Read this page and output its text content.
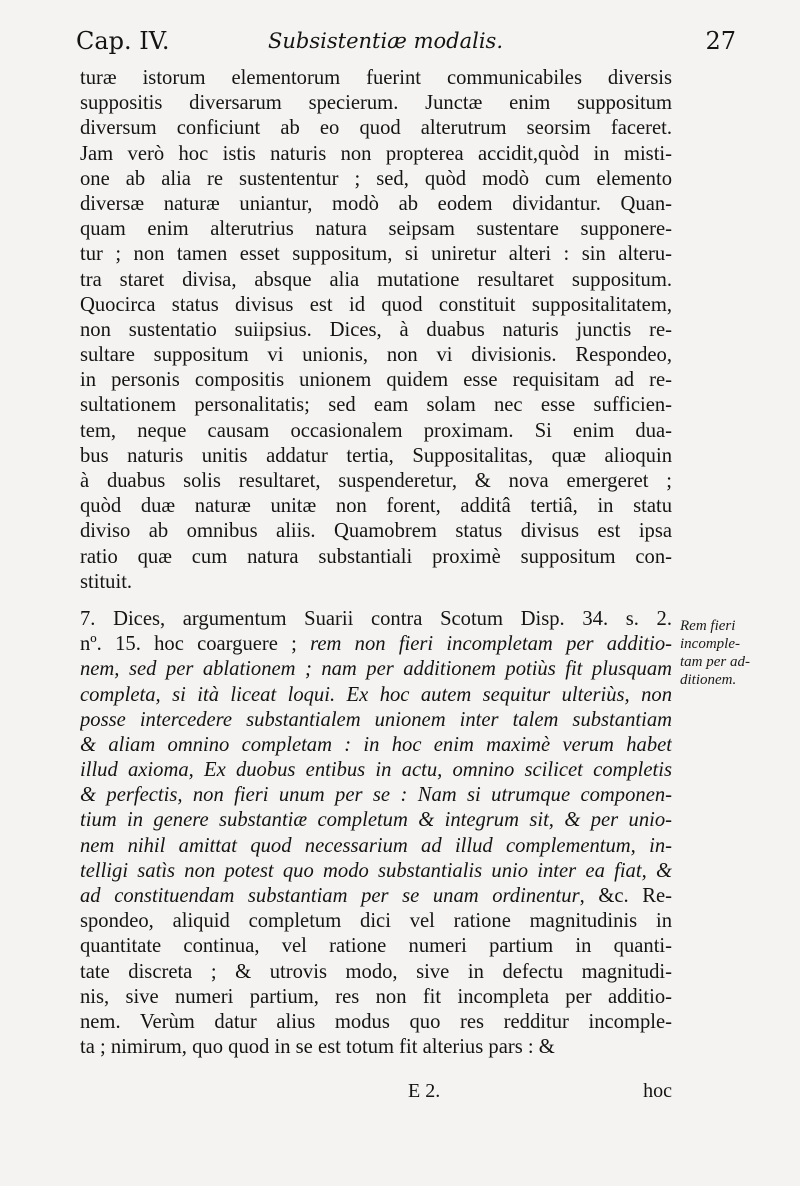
Cap. IV.	Subsistentiæ modalis.	27
turæ istorum elementorum fuerint communicabiles diversis
suppositis diversarum specierum. Junctæ enim suppositum
diversum conficiunt ab eo quod alterutrum seorsim faceret.
Jam verò hoc istis naturis non propterea accidit,quòd in misti-
one ab alia re sustententur ; sed, quòd modò cum elemento
diversæ naturæ uniantur, modò ab eodem dividantur. Quan-
quam enim alterutrius natura seipsam sustentare supponere-
tur ; non tamen esset suppositum, si uniretur alteri : sin alteru-
tra staret divisa, absque alia mutatione resultaret suppositum.
Quocirca status divisus est id quod constituit suppositalitatem,
non sustentatio suiipsius. Dices, à duabus naturis junctis re-
sultare suppositum vi unionis, non vi divisionis. Respondeo,
in personis compositis unionem quidem esse requisitam ad re-
sultationem personalitatis; sed eam solam nec esse sufficien-
tem, neque causam occasionalem proximam. Si enim dua-
bus naturis unitis addatur tertia, Suppositalitas, quæ alioquin
à duabus solis resultaret, suspenderetur, & nova emergeret ;
quòd duæ naturæ unitæ non forent, additâ tertiâ, in statu
diviso ab omnibus aliis. Quamobrem status divisus est ipsa
ratio quæ cum natura substantiali proximè suppositum con-
stituit.
7. Dices, argumentum Suarii contra Scotum Disp. 34. s. 2.
nº. 15. hoc coarguere ; rem non fieri incompletam per additio-
nem, sed per ablationem ; nam per additionem potiùs fit plusquam
completa, si ità liceat loqui. Ex hoc autem sequitur ulteriùs, non
posse intercedere substantialem unionem inter talem substantiam
& aliam omnino completam : in hoc enim maximè verum habet
illud axioma, Ex duobus entibus in actu, omnino scilicet completis
& perfectis, non fieri unum per se : Nam si utrumque componen-
tium in genere substantiæ completum & integrum sit, & per unio-
nem nihil amittat quod necessarium ad illud complementum, in-
telligi satìs non potest quo modo substantialis unio inter ea fiat, &
ad constituendam substantiam per se unam ordinentur, &c. Re-
spondeo, aliquid completum dici vel ratione magnitudinis in
quantitate continua, vel ratione numeri partium in quanti-
tate discreta ; & utrovis modo, sive in defectu magnitudi-
nis, sive numeri partium, res non fit incompleta per additio-
nem. Verùm datur alius modus quo res redditur incomple-
ta ; nimirum, quo quod in se est totum fit alterius pars : &
Rem fieri
incomple-
tam per ad-
ditionem.
E 2.	hoc
